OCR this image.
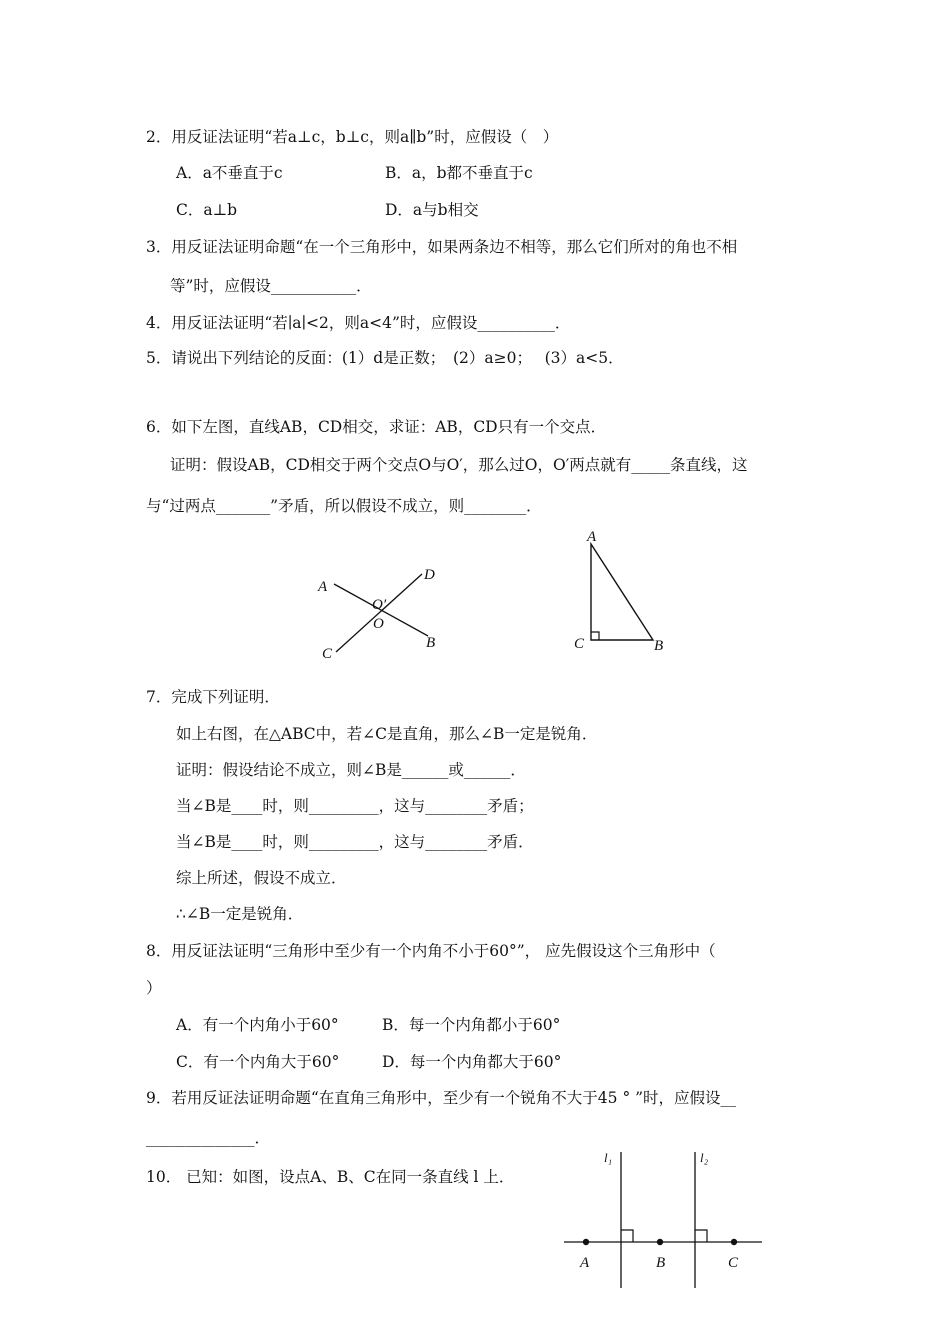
2．用反证法证明“若a⊥c，b⊥c，则a∥b”时，应假设（　）
A．a不垂直于c	B．a，b都不垂直于c
C．a⊥b	D．a与b相交
3．用反证法证明命题“在一个三角形中，如果两条边不相等，那么它们所对的角也不相
等”时，应假设___________．
4．用反证法证明“若∣a∣<2，则a<4”时，应假设__________．
5．请说出下列结论的反面：(1）d是正数；　(2）a≥0；　 (3）a<5．
6．如下左图，直线AB，CD相交，求证：AB，CD只有一个交点．
证明：假设AB，CD相交于两个交点O与O′，那么过O，O′两点就有_____条直线，这
与“过两点_______”矛盾，所以假设不成立，则________．
A
D
O′
O
C
B
A
C	B
7．完成下列证明．
如上右图，在△ABC中，若∠C是直角，那么∠B一定是锐角．
证明：假设结论不成立，则∠B是______或______．
当∠B是____时，则_________，这与________矛盾；
当∠B是____时，则_________，这与________矛盾．
综上所述，假设不成立．
∴∠B一定是锐角．
8．用反证法证明“三角形中至少有一个内角不小于60°”， 应先假设这个三角形中（
）
A．有一个内角小于60°	B．每一个内角都小于60°
C．有一个内角大于60°	D．每一个内角都大于60°
9．若用反证法证明命题“在直角三角形中，至少有一个锐角不大于45 ° ”时，应假设__
______________．
10． 已知：如图，设点A、B、C在同一条直线 l 上．
l₁	l₂
A	B	C
